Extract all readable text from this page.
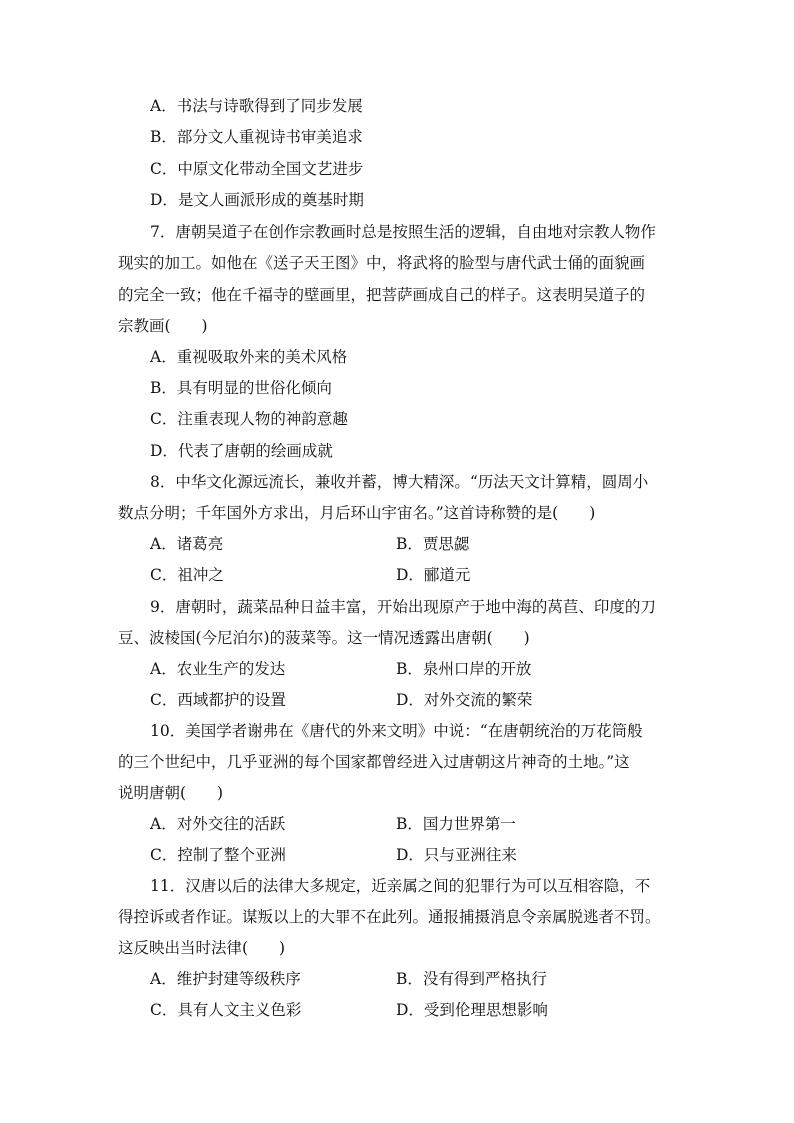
A．书法与诗歌得到了同步发展
B．部分文人重视诗书审美追求
C．中原文化带动全国文艺进步
D．是文人画派形成的奠基时期
7．唐朝吴道子在创作宗教画时总是按照生活的逻辑，自由地对宗教人物作
现实的加工。如他在《送子天王图》中，将武将的脸型与唐代武士俑的面貌画
的完全一致；他在千福寺的壁画里，把菩萨画成自己的样子。这表明吴道子的
宗教画(　　)
A．重视吸取外来的美术风格
B．具有明显的世俗化倾向
C．注重表现人物的神韵意趣
D．代表了唐朝的绘画成就
8．中华文化源远流长，兼收并蓄，博大精深。“历法天文计算精，圆周小
数点分明；千年国外方求出，月后环山宇宙名。”这首诗称赞的是(　　)
A．诸葛亮	B．贾思勰
C．祖冲之	D．郦道元
9．唐朝时，蔬菜品种日益丰富，开始出现原产于地中海的莴苣、印度的刀
豆、波棱国(今尼泊尔)的菠菜等。这一情况透露出唐朝(　　)
A．农业生产的发达	B．泉州口岸的开放
C．西域都护的设置	D．对外交流的繁荣
10．美国学者谢弗在《唐代的外来文明》中说：“在唐朝统治的万花筒般
的三个世纪中，几乎亚洲的每个国家都曾经进入过唐朝这片神奇的土地。”这
说明唐朝(　　)
A．对外交往的活跃	B．国力世界第一
C．控制了整个亚洲	D．只与亚洲往来
11．汉唐以后的法律大多规定，近亲属之间的犯罪行为可以互相容隐，不
得控诉或者作证。谋叛以上的大罪不在此列。通报捕摄消息令亲属脱逃者不罚。
这反映出当时法律(　　)
A．维护封建等级秩序	B．没有得到严格执行
C．具有人文主义色彩	D．受到伦理思想影响
